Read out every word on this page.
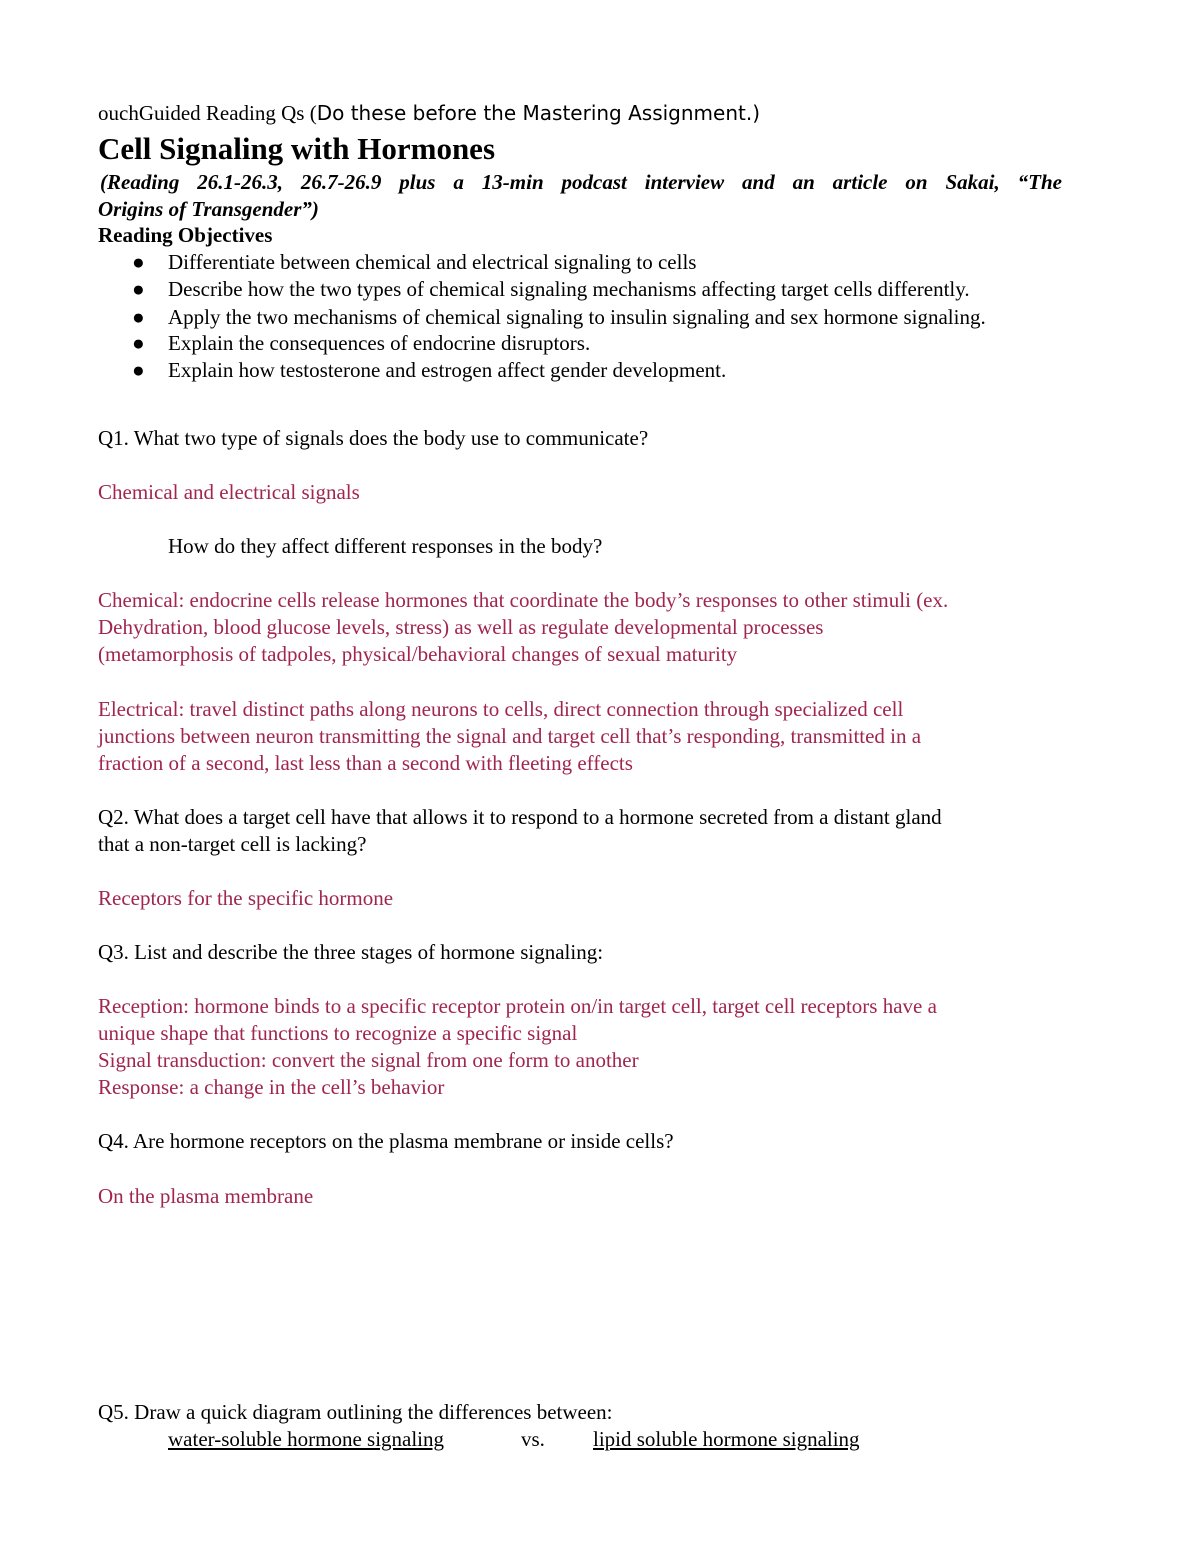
ouchGuided Reading Qs (Do these before the Mastering Assignment.)
Cell Signaling with Hormones
(Reading 26.1-26.3, 26.7-26.9 plus a 13-min podcast interview and an article on Sakai, “The
Origins of Transgender”)
Reading Objectives
● Differentiate between chemical and electrical signaling to cells
● Describe how the two types of chemical signaling mechanisms affecting target cells differently.
● Apply the two mechanisms of chemical signaling to insulin signaling and sex hormone signaling.
● Explain the consequences of endocrine disruptors.
● Explain how testosterone and estrogen affect gender development.
Q1. What two type of signals does the body use to communicate?
Chemical and electrical signals
How do they affect different responses in the body?
Chemical: endocrine cells release hormones that coordinate the body’s responses to other stimuli (ex.
Dehydration, blood glucose levels, stress) as well as regulate developmental processes
(metamorphosis of tadpoles, physical/behavioral changes of sexual maturity
Electrical: travel distinct paths along neurons to cells, direct connection through specialized cell
junctions between neuron transmitting the signal and target cell that’s responding, transmitted in a
fraction of a second, last less than a second with fleeting effects
Q2. What does a target cell have that allows it to respond to a hormone secreted from a distant gland
that a non-target cell is lacking?
Receptors for the specific hormone
Q3. List and describe the three stages of hormone signaling:
Reception: hormone binds to a specific receptor protein on/in target cell, target cell receptors have a
unique shape that functions to recognize a specific signal
Signal transduction: convert the signal from one form to another
Response: a change in the cell’s behavior
Q4. Are hormone receptors on the plasma membrane or inside cells?
On the plasma membrane
Q5. Draw a quick diagram outlining the differences between:
water-soluble hormone signaling	vs. lipid soluble hormone signaling
